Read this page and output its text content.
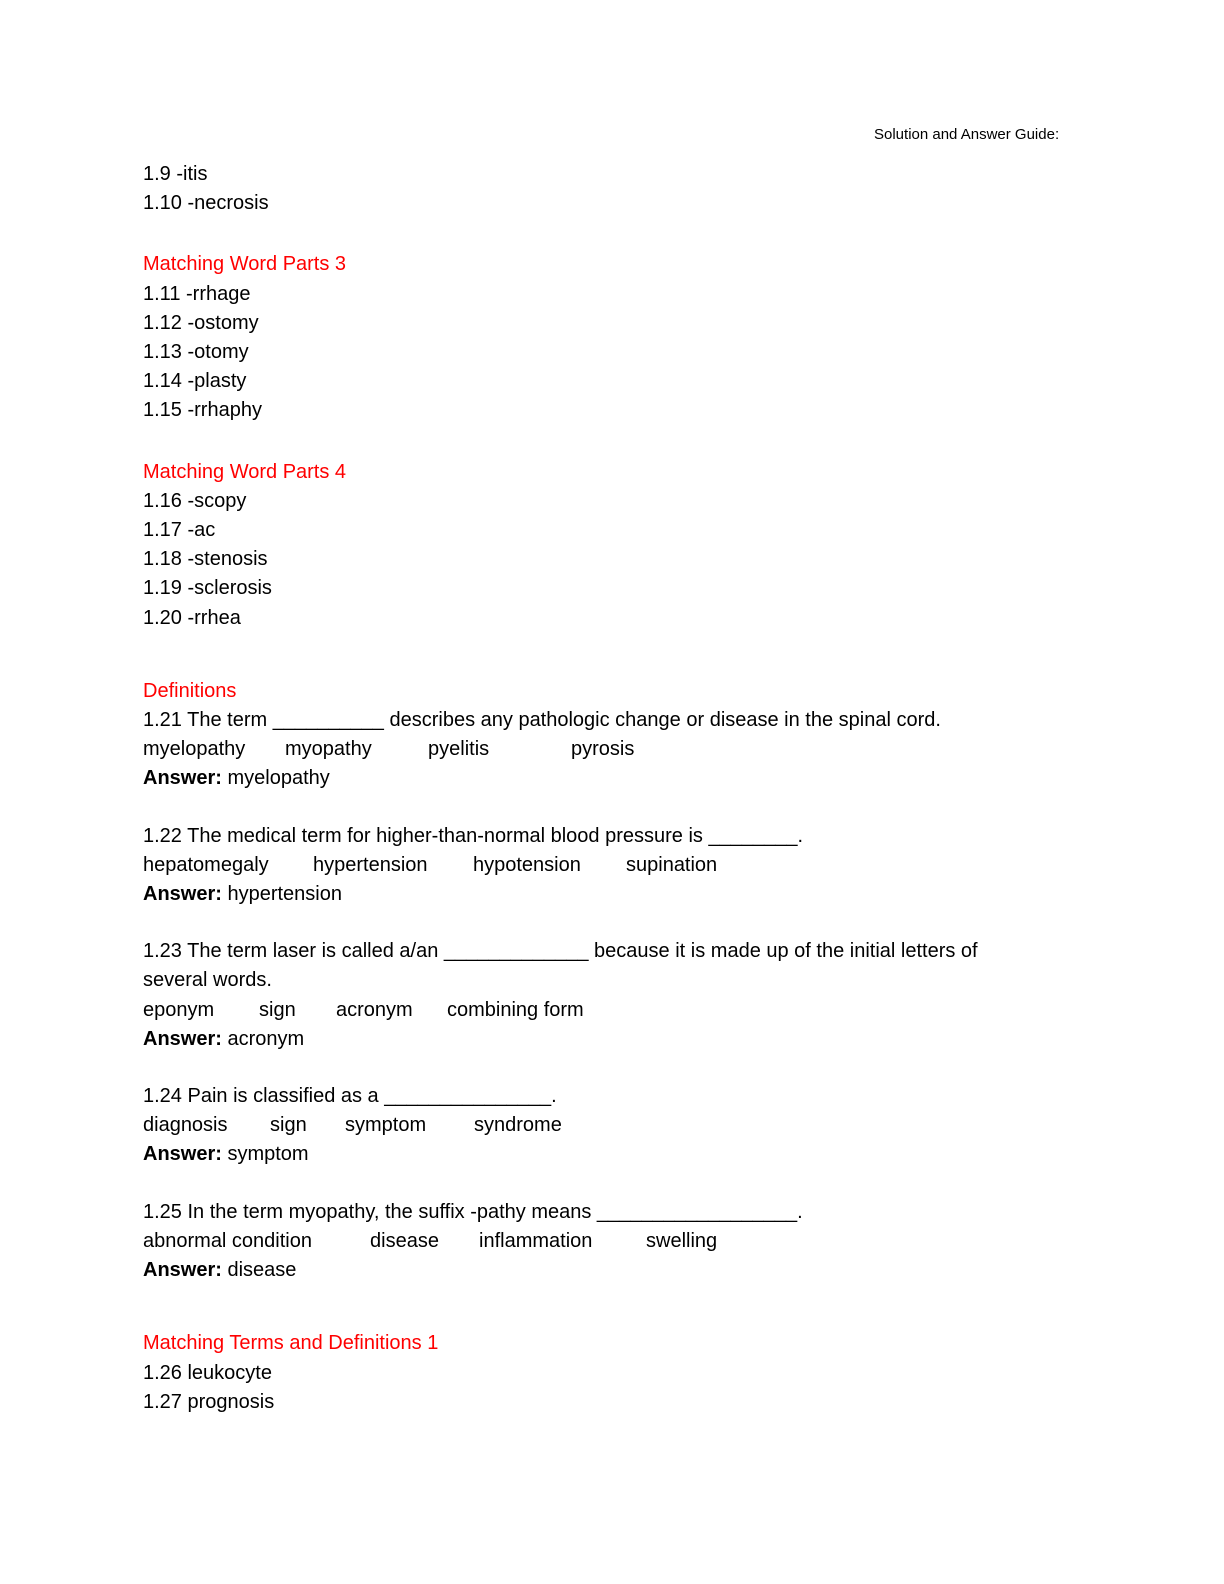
Solution and Answer Guide:
1.9 -itis
1.10 -necrosis
Matching Word Parts 3
1.11 -rrhage
1.12 -ostomy
1.13 -otomy
1.14 -plasty
1.15 -rrhaphy
Matching Word Parts 4
1.16 -scopy
1.17 -ac
1.18 -stenosis
1.19 -sclerosis
1.20 -rrhea
Definitions
1.21 The term __________ describes any pathologic change or disease in the spinal cord.
myelopathy	myopathy	pyelitis	pyrosis
Answer: myelopathy
1.22 The medical term for higher-than-normal blood pressure is ________.
hepatomegaly	hypertension	hypotension	supination
Answer: hypertension
1.23 The term laser is called a/an _____________ because it is made up of the initial letters of
several words.
eponym	sign	acronym	combining form
Answer: acronym
1.24 Pain is classified as a _______________.
diagnosis	sign	symptom	syndrome
Answer: symptom
1.25 In the term myopathy, the suffix -pathy means __________________.
abnormal condition	disease	inflammation	swelling
Answer: disease
Matching Terms and Definitions 1
1.26 leukocyte
1.27 prognosis
